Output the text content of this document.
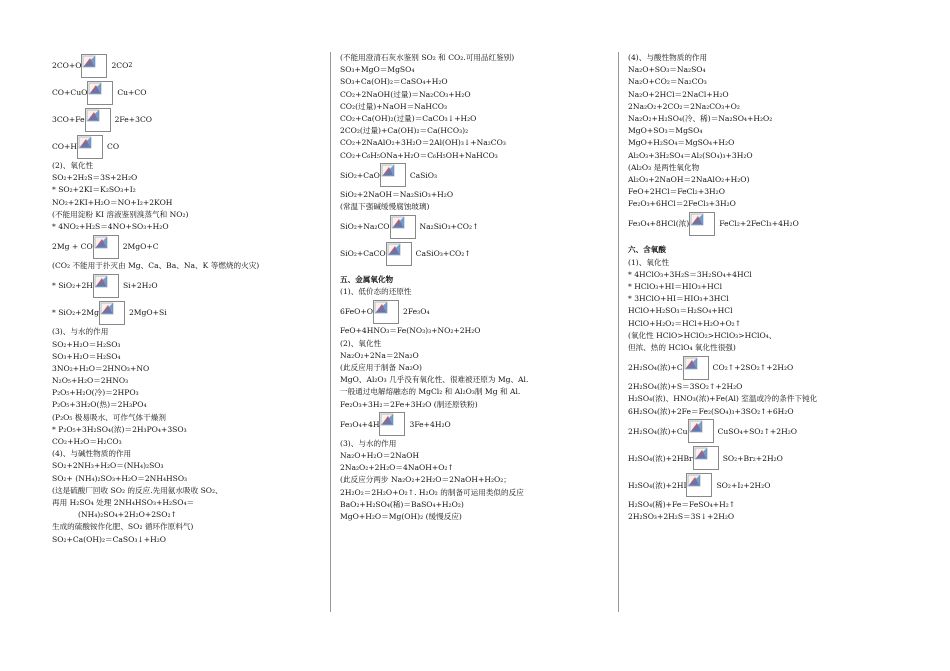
2CO+O	2CO 2
CO+CuO	Cu+CO
3CO+Fe	2Fe+3CO
CO+H	CO
(2)、氧化性
SO₂+2H₂S＝3S+2H₂O
* SO₂+2KI＝K₂SO₃+I₂
NO₂+2KI+H₂O＝NO+I₂+2KOH
(不能用淀粉 KI 溶液鉴别溴蒸气和 NO₂)
* 4NO₂+H₂S＝4NO+SO₃+H₂O
2Mg + CO	2MgO+C
(CO₂ 不能用于扑灭由 Mg、Ca、Ba、Na、K 等燃烧的火灾)
* SiO₂+2H	Si+2H₂O
* SiO₂+2Mg	2MgO+Si
(3)、与水的作用
SO₂+H₂O＝H₂SO₃
SO₃+H₂O＝H₂SO₄
3NO₂+H₂O＝2HNO₃+NO
N₂O₅+H₂O＝2HNO₃
P₂O₅+H₂O(冷)＝2HPO₃
P₂O₅+3H₂O(热)＝2H₃PO₄
(P₂O₅ 极易吸水、可作气体干燥剂
* P₂O₅+3H₂SO₄(浓)＝2H₃PO₄+3SO₃
CO₂+H₂O＝H₂CO₃
(4)、与碱性物质的作用
SO₂+2NH₃+H₂O＝(NH₄)₂SO₃
SO₂+ (NH₄)₂SO₃+H₂O＝2NH₄HSO₃
(这是硫酸厂回收 SO₂ 的反应.先用氨水吸收 SO₂、
再用 H₂SO₄ 处理 2NH₄HSO₃+H₂SO₄＝
(NH₄)₂SO₄+2H₂O+2SO₂↑
生成的硫酸铵作化肥、SO₂ 循环作原料气)
SO₂+Ca(OH)₂＝CaSO₃↓+H₂O
(不能用澄清石灰水鉴别 SO₂ 和 CO₂.可用品红鉴别)
SO₃+MgO＝MgSO₄
SO₃+Ca(OH)₂＝CaSO₄+H₂O
CO₂+2NaOH(过量)＝Na₂CO₃+H₂O
CO₂(过量)+NaOH＝NaHCO₃
CO₂+Ca(OH)₂(过量)＝CaCO₃↓+H₂O
2CO₂(过量)+Ca(OH)₂＝Ca(HCO₃)₂
CO₂+2NaAlO₂+3H₂O＝2Al(OH)₃↓+Na₂CO₃
CO₂+C₆H₅ONa+H₂O＝C₆H₅OH+NaHCO₃
SiO₂+CaO	CaSiO₃
SiO₂+2NaOH＝Na₂SiO₃+H₂O
(常温下强碱缓慢腐蚀玻璃)
SiO₂+Na₂CO	Na₂SiO₃+CO₂↑
SiO₂+CaCO	CaSiO₃+CO₂↑
五、金属氧化物
(1)、低价态的还原性
6FeO+O	2Fe₃O₄
FeO+4HNO₃＝Fe(NO₃)₃+NO₂+2H₂O
(2)、氧化性
Na₂O₂+2Na＝2Na₂O
(此反应用于制备 Na₂O)
MgO、Al₂O₃ 几乎没有氧化性、很难被还原为 Mg、Al.
一般通过电解熔融态的 MgCl₂ 和 Al₂O₃制 Mg 和 Al.
Fe₂O₃+3H₂＝2Fe+3H₂O (制还原铁粉)
Fe₃O₄+4H	3Fe+4H₂O
(3)、与水的作用
Na₂O+H₂O＝2NaOH
2Na₂O₂+2H₂O＝4NaOH+O₂↑
(此反应分两步 Na₂O₂+2H₂O＝2NaOH+H₂O₂；
2H₂O₂＝2H₂O+O₂↑. H₂O₂ 的制备可运用类似的反应
BaO₂+H₂SO₄(稀)＝BaSO₄+H₂O₂)
MgO+H₂O＝Mg(OH)₂ (缓慢反应)
(4)、与酸性物质的作用
Na₂O+SO₃＝Na₂SO₄
Na₂O+CO₂＝Na₂CO₃
Na₂O+2HCl＝2NaCl+H₂O
2Na₂O₂+2CO₂＝2Na₂CO₃+O₂
Na₂O₂+H₂SO₄(冷、稀)＝Na₂SO₄+H₂O₂
MgO+SO₃＝MgSO₄
MgO+H₂SO₄＝MgSO₄+H₂O
Al₂O₃+3H₂SO₄＝Al₂(SO₄)₃+3H₂O
(Al₂O₃ 是两性氧化物
Al₂O₃+2NaOH＝2NaAlO₂+H₂O)
FeO+2HCl＝FeCl₂+3H₂O
Fe₂O₃+6HCl＝2FeCl₃+3H₂O
Fe₃O₄+8HCl(浓)	FeCl₂+2FeCl₃+4H₂O
六、含氧酸
(1)、氧化性
* 4HClO₃+3H₂S＝3H₂SO₄+4HCl
* HClO₃+HI＝HIO₃+HCl
* 3HClO+HI＝HIO₃+3HCl
HClO+H₂SO₃＝H₂SO₄+HCl
HClO+H₂O₂＝HCl+H₂O+O₂↑
(氧化性 HClO>HClO₂>HClO₃>HClO₄、
但浓、热的 HClO₄ 氧化性很强)
2H₂SO₄(浓)+C	CO₂↑+2SO₂↑+2H₂O
2H₂SO₄(浓)+S＝3SO₂↑+2H₂O
H₂SO₄(浓)、HNO₃(浓)+Fe(Al) 室温或冷的条件下钝化
6H₂SO₄(浓)+2Fe＝Fe₂(SO₄)₃+3SO₂↑+6H₂O
2H₂SO₄(浓)+Cu	CuSO₄+SO₂↑+2H₂O
H₂SO₄(浓)+2HBr	SO₂+Br₂+2H₂O
H₂SO₄(浓)+2HI	SO₂+I₂+2H₂O
H₂SO₄(稀)+Fe＝FeSO₄+H₂↑
2H₂SO₃+2H₂S＝3S↓+2H₂O
